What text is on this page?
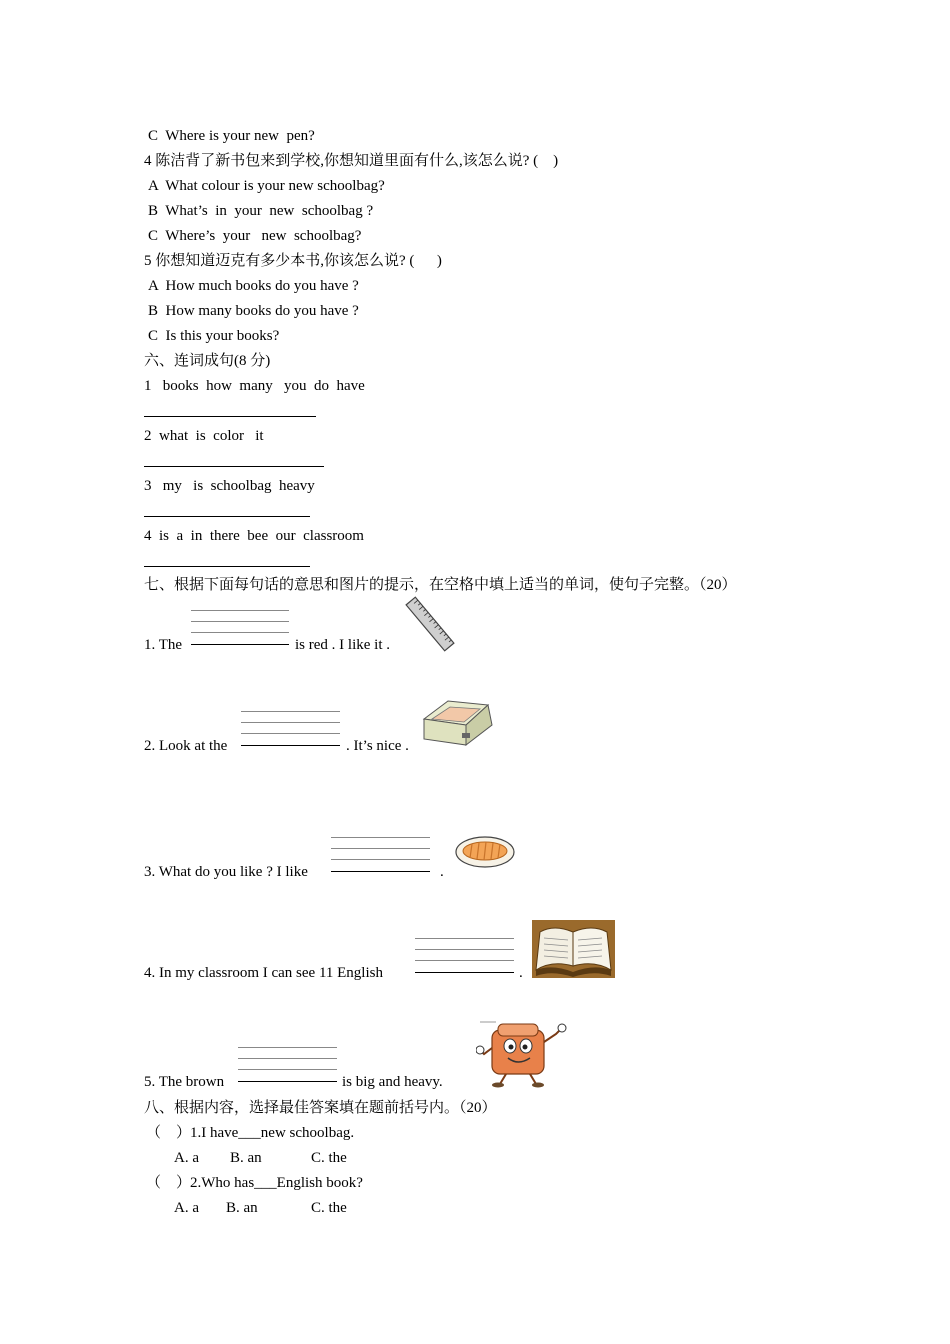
C  Where is your new  pen?
4 陈洁背了新书包来到学校,你想知道里面有什么,该怎么说? (    )
A  What colour is your new schoolbag?
B  What’s  in  your  new  schoolbag ?
C  Where’s  your   new  schoolbag?
5 你想知道迈克有多少本书,你该怎么说? (      )
A  How much books do you have ?
B  How many books do you have ?
C  Is this your books?
六、连词成句(8 分)
1   books  how  many   you  do  have
2  what  is  color   it
3   my   is  schoolbag  heavy
4  is  a  in  there  bee  our  classroom
七、根据下面每句话的意思和图片的提示，在空格中填上适当的单词，使句子完整。（20）
1. The	is red . I like it .
2. Look at the	. It’s nice .
3. What do you like ? I like	.
4. In my classroom I can see 11 English	.
5. The brown	is big and heavy.
八、根据内容，选择最佳答案填在题前括号内。（20）
（    ）
1.I have___new schoolbag.
A. a B. an	C. the
（    ）
2.Who has___English book?
A. a B. an	C. the
